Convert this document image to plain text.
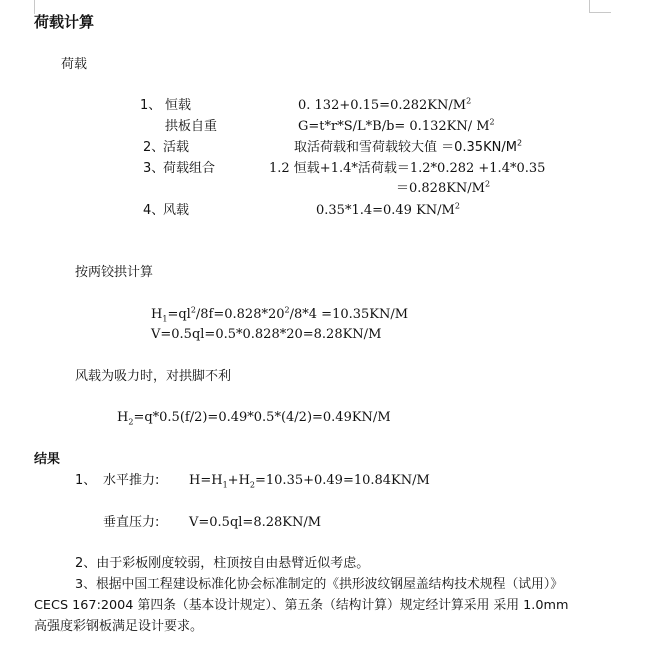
荷载计算
荷载
1、 恒载	0. $132+0.15=0.282KN/M^2$
拱板自重	G=t*r*S/L*B/b= 0.132KN/ $M^2$
2、
活载	取活荷载和雪荷载较大值 $=0.35KN/M^2$
3、
荷载组合	1.2 恒载+1.4*活荷载＝1.2*0.282 +1.4*0.35
$=0.828KN/M^2$
4、
风载	0.35*1.4=0.49 $KN/M^2$
按两铰拱计算
$H_1=ql^2/8f=0.828*20^2/8*4 =10.35KN/M$
V=0.5ql=0.5*0.828*20=8.28KN/M
风载为吸力时，对拱脚不利
$H_2=q*0.5(f/2)=0.49*0.5*(4/2)=0.49KN/M$
结果
1、 水平推力: $H=H_1+H_2=10.35+0.49=10.84KN/M$
垂直压力: V=0.5ql=8.28KN/M
2、由于彩板刚度较弱，柱顶按自由悬臂近似考虑。
3、根据中国工程建设标准化协会标准制定的《拱形波纹钢屋盖结构技术规程（试用）》
CECS 167:2004 第四条（基本设计规定）、第五条（结构计算）规定经计算采用 采用 1.0mm
高强度彩钢板满足设计要求。
